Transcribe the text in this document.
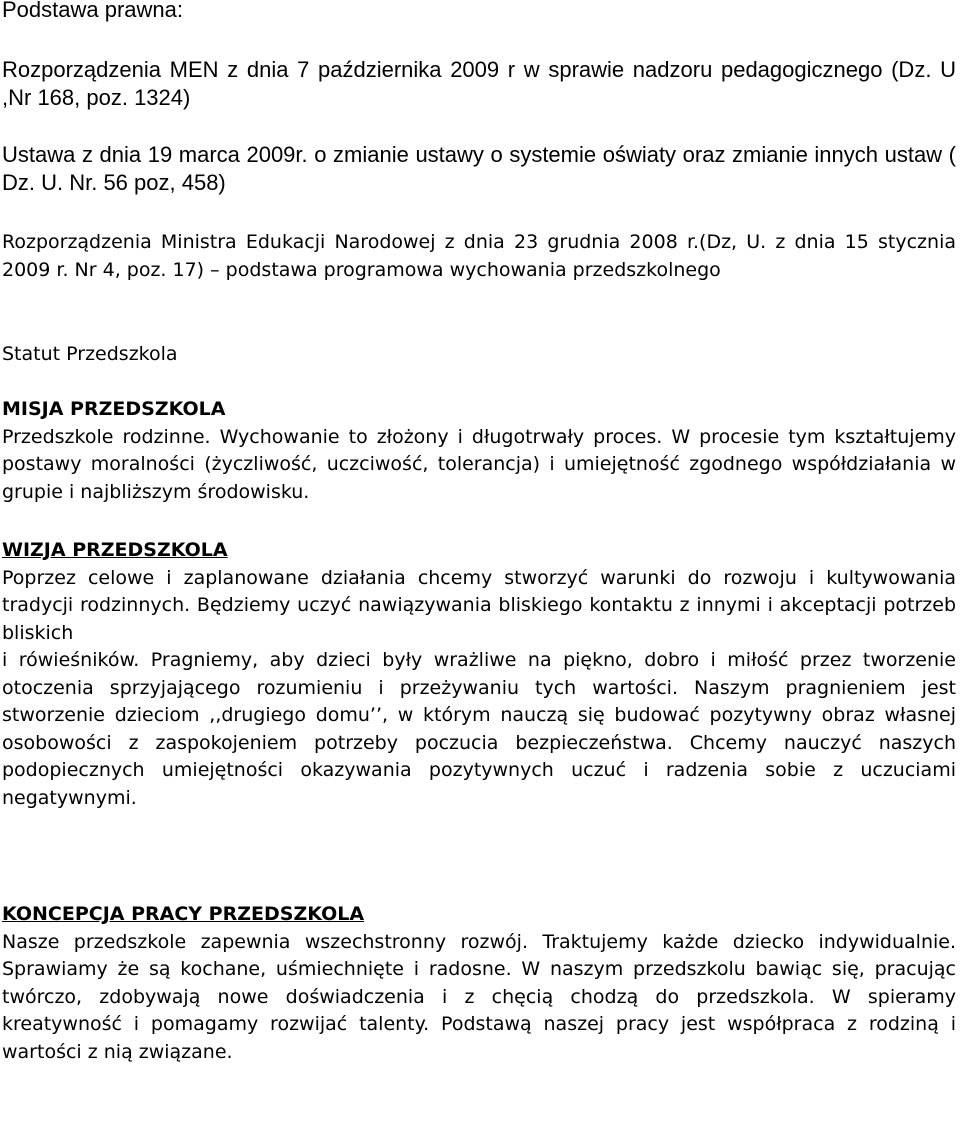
Podstawa prawna:

Rozporządzenia MEN z dnia 7 października 2009 r w sprawie nadzoru pedagogicznego (Dz. U ,Nr 168, poz. 1324)

Ustawa z dnia 19 marca 2009r. o zmianie ustawy o systemie oświaty oraz zmianie innych ustaw ( Dz. U. Nr. 56 poz, 458)

Rozporządzenia Ministra Edukacji Narodowej z dnia 23 grudnia 2008 r.(Dz, U. z dnia 15 stycznia 2009 r. Nr 4, poz. 17) – podstawa programowa wychowania przedszkolnego

Statut Przedszkola

MISJA PRZEDSZKOLA
Przedszkole rodzinne. Wychowanie to złożony i długotrwały proces. W procesie tym kształtujemy postawy moralności (życzliwość, uczciwość, tolerancja) i umiejętność zgodnego współdziałania w grupie i najbliższym środowisku.
WIZJA PRZEDSZKOLA
Poprzez celowe i zaplanowane działania chcemy stworzyć warunki do rozwoju i kultywowania tradycji rodzinnych. Będziemy uczyć nawiązywania bliskiego kontaktu z innymi i akceptacji potrzeb bliskich
i rówieśników. Pragniemy, aby dzieci były wrażliwe na piękno, dobro i miłość przez tworzenie otoczenia sprzyjającego rozumieniu i przeżywaniu tych wartości. Naszym pragnieniem jest stworzenie dzieciom ,,drugiego domu’’, w którym nauczą się budować pozytywny obraz własnej osobowości z zaspokojeniem potrzeby poczucia bezpieczeństwa. Chcemy nauczyć naszych podopiecznych umiejętności okazywania pozytywnych uczuć i radzenia sobie z uczuciami negatywnymi.
KONCEPCJA PRACY PRZEDSZKOLA
Nasze przedszkole zapewnia wszechstronny rozwój. Traktujemy każde dziecko indywidualnie. Sprawiamy że są kochane, uśmiechnięte i radosne. W naszym przedszkolu bawiąc się, pracując twórczo, zdobywają nowe doświadczenia i z chęcią chodzą do przedszkola. W spieramy kreatywność i pomagamy rozwijać talenty. Podstawą naszej pracy jest współpraca z rodziną i wartości z nią związane.
